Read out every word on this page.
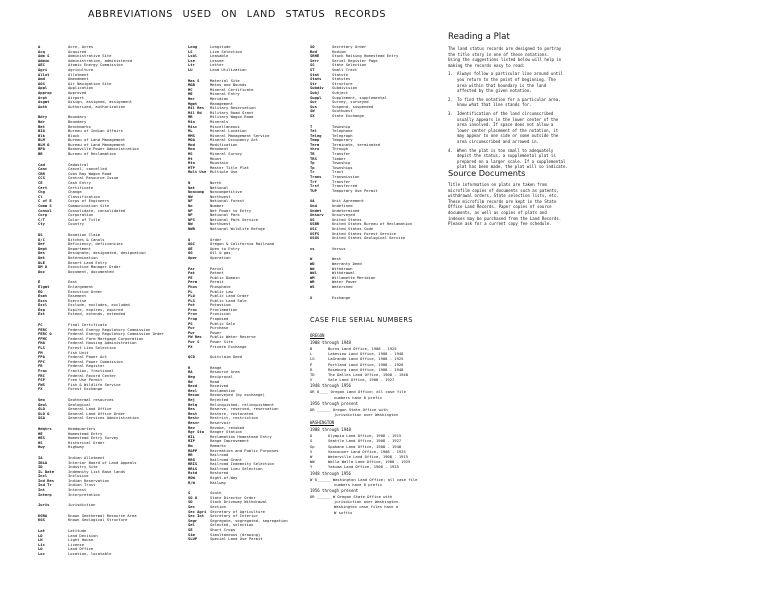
ABBREVIATIONS USED ON LAND STATUS RECORDS
A	Acre, Acres
Acq	Acquired
Adm S	Administrative Site
Admin	Administration, administered
AEC	Atomic Energy Commission
Agri	Agriculture
Allot	Allotment
Amd	Amendment
AOS	Air Navigation Site
Appl	Application
Approp	Approved
Arpt	Airport
Asgmt	Assign, assigned, assignment
Auth	Authorized, authorization
Bdry	Boundary
Bdr	Boundary
Bet	Benchmarks
BIA	Bureau of Indian Affairs
Blk	Block
BLM	Bureau of Land Management
BLM O	Bureau of Land Management
BPA	Bonneville Power Administration
BR	Bureau of Reclamation
Cad	Cadastral
Canc	Cancel, cancelled
CBR	Coos Bay Wagon Road
CCS	Central Resource Issue
CE	Cash Entry
Cert	Certificate
Chg	Change
Cl	Classification
C of E	Corps of Engineers
Comm S	Communication Site
Consol	Consolidate, consolidated
Corp	Corporation
C/T	Color of Title
Cty	Country
DS	Donation Claim
D/C	Ditches & Canals
Def	Deficiency, deficiencies
Dept	Department
Des	Designate, designated, designation
Det	Determination
DLE	Desert Land Entry
DM O	Executive Manager Order
Doc	Document, documented
E	East
Elgmt	Enlargement
EO	Executive Order
Esmt	Easement
Excs	Exercise
Excl	Exclude, excludes, excluded
Exp	Expire, expires, expired
Ext	Extend, extends, extended
FC	Final Certificate
FERC	Federal Energy Regulatory Commission
FERC O	Federal Energy Regulatory Commission Order
FFMC	Federal Farm Mortgage Corporation
FHA	Federal Housing Administration
FLS	Forest Lieu Selection
FM	Fish Unit
FPA	Federal Power Act
FPC	Federal Power Commission
FR	Federal Register
Frac	Fraction, fractional
FRC	Federal Record Center
FSP	Free Use Permit
FWS	Fish & Wildlife Service
FX	Forest Exchange
Geo	Geothermal resources
Geol	Geological
GLO	General Land Office
GLO O	General Land Office Order
GSA	General Services Administration
Hdqtrs	Headquarters
HE	Homestead Entry
HES	Homestead Entry Survey
HS	Historical Order
Hwy	Highway
IA	Indian Allotment
IBLA	Interior Board of Land Appeals
ID	Industry Site
IL Date	Indemnity List Base lands
Incl	Inclusive
Ind Res	Indian Reservation
Ind Tr	Indian Trust
Int	Interest
Interp	Interpretation
Juris	Jurisdiction
KGRA	Known Geothermal Resource Area
KGS	Known Geological Structure
Lat	Latitude
LD	Land Decision
LH	Light House
Lic	License
LO	Land Office
Loc	Location, locatable
Long	Longitude
LS	Live Selection
Lsbl	Leasable
Lse	Lessee
Ltr	Letter
LU	Land Utilization
Mas S	Material Site
M&B	Metes and Bounds
MC	Mineral Certificate
ME	Mineral Entry
Mer	Meridian
Mgmt	Management
Mil Res	Military Reservation
Mil Rd	Military Road Grant
MR	Military Wagon Road
Min	Minerals
Misc	Miscellaneous
ML	Mineral Location
MMS	Mineral Management Service
MOA	Mineral Occupancy Act
Mod	Modification
Mon	Monument
MS	Mineral Survey
Mt	Mount
Mtn	Mountain
MTP	Master Title Plat
Mult Use Multiple Use
N	North
Nat	National
Noncomp	Noncompetitive
NW	Northwest
NF	National Forest
No	Number
NP	Net Power to Entry
NP	National Park
NPS	National Park Service
NW	Northwest
NWR	National Wildlife Refuge
O	Order
O&C	Oregon & California Railroad
OE	Open to Entry
OG	Oil & gas
Oper	Operation
Par	Parcel
Pat	Patent
PE	Public Domain
Perm	Permit
Phos	Phosphate
PL	Public Law
PLO	Public Land Order
PLS	Public Land Sale
Pot	Potassium
Proc	Proclamation
Prov	Provision
Prop	Proposed
PS	Public Sale
Pur	Purchase
Pwr	Power
PW Res	Public Water Reserve
Pwr S	Power Site
PX	Private Exchange
QCD	Quitclaim Deed
R	Range
RA	Resource Area
Reg	Reciprocal
Rd	Road
Recd	Received
Recl	Reclamation
Recon	Reconveyed (by exchange)
Rej	Rejected
Relq	Relinquished, relinquishment
Res	Reserve, reserved, reservation
Rest	Restore, restorated
Restr	Restrict, restriction
Resvr	Reservoir
Rev	Revoke, revoked
Rgr Sta	Ranger Station
RIL	Reclamation Homestead Entry
RIP	Range Improvement
Rm	Remarks
R&PP	Recreation and Public Purposes
RR	Railroad
RRG	Railroad Grant
RRIS	Railroad Indemnity Selection
RRLS	Railroad Lieu Selection
Rstd	Restored
ROW	Right-of-Way
R/W	Railway
S	South
SO O	State Director Order
SD	Stock Driveway Withdrawal
Sec	Section
Sec Agri Secretary of Agriculture
Sec Int	Secretary of Interior
Segr	Segregate, segregated, segregation
Sel	Selected, selection
SE	Short Crops
Sim	Simultaneous (drawing)
SLUP	Special Land Use Permit
SO	Secretary Order
Rod	Rodium
SRHE	Stock Raising Homestead Entry
Serr	Serial Register Page
SS	State Selection
ST	Small Tract
Stat	Statute
Stats	Statutes
Str	Structure
Subdiv	Subdivision
Subj	Subject
Suppl	Supplement, supplemental
Sur	Survey, surveyed
Sus	Suspend, suspended
SW	Southwest
SX	State Exchange
T	Township
Tel	Telephone
Teleg	Telegraph
Temp	Temporary
Term	Terminate, terminated
thru	Through
TR	Transfer
TRS	Timber
Tp	Township
Tp	Townships
Tr	Tract
Trans	Transmission
Trf	Transfer
Trsf	Transferred
TUP	Temporary Use Permit
UA	Unit Agreement
Und	Undefined
Undet	Undetermined
Unsurv	Unsurveyed
US	United States
USBR	United States Bureau of Reclamation
USC	United States Code
USFS	United States Forest Service
USGS	United States Geological Service
vs	Versus
W	West
WD	Warranty Deed
Wd	Withdrawn
Wdl	Withdrawal
WM	Willamette Meridian
WR	Water Power
WS	Watershed
X	Exchange
Reading a Plat
The land status records are designed to portray
the title story in one of these notations.
Using the suggestions listed below will help in
making the records easy to read:
1.	Always follow a particular line around until
you return to the point of beginning. The
area within that boundary is the land
affected by the given notation.
2.	To find the notation for a particular area,
know what that line stands for.
3.	Identification of the land circumscribed
usually appears in the lower center of the
area involved. If space does not allow a
lower center placement of the notation, it
may appear to one side or some outside the
area circumscribed and arrowed in.
4.	When the plat is too small to adequately
depict the status, a supplemental plat is
prepared on a larger scale. If a supplemental
plat has been made, the plat will so indicate.
Source Documents
Title information on plats are taken from
microfilm copies of documents such as patents,
withdrawal orders, State selection lists, etc.
These microfilm records are kept in the State
Office Land Records. Paper copies of source
documents, as well as copies of plats and
indexes may be purchased from the Land Records.
Please ask for a current copy fee schedule.
CASE FILE SERIAL NUMBERS
OREGON
1908 through 1948
B	Burns Land Office, 1908 - 1925
L	Lakeview Land Office, 1908 - 1948
LG	LaGrande Land Office, 1908 - 1925
P	Portland Land Office, 1908 - 1926
R	Roseburg Land Office, 1908 - 1948
TD	The Dalles Land Office, 1908 - 1948
V	Vale Land Office, 1908 - 1927
1948 through 1956
OR 0____ Oregon Land Office; all case file
numbers have 0 prefix
1956 through present
OR ______ Oregon State Office with
jurisdiction over Washington
WASHINGTON
1908 through 1948
O	Olympia Land Office, 1908 - 1915
S	Seattle Land Office, 1908 - 1927
Sp	Spokane Land Office, 1908 - 1948
V	Vancouver Land Office, 1908 - 1925
W	Waterville Land Office, 1908 - 1915
WW	Walla Walla Land Office, 1908 - 1925
Y	Yakima Land Office, 1908 - 1925
1948 through 1956
W 0______ Washington Land Office; all case file
numbers have 0 prefix
1956 through present
OR ______ W Oregon State Office with
jurisdiction over Washington.
Washington case files have a
W suffix
